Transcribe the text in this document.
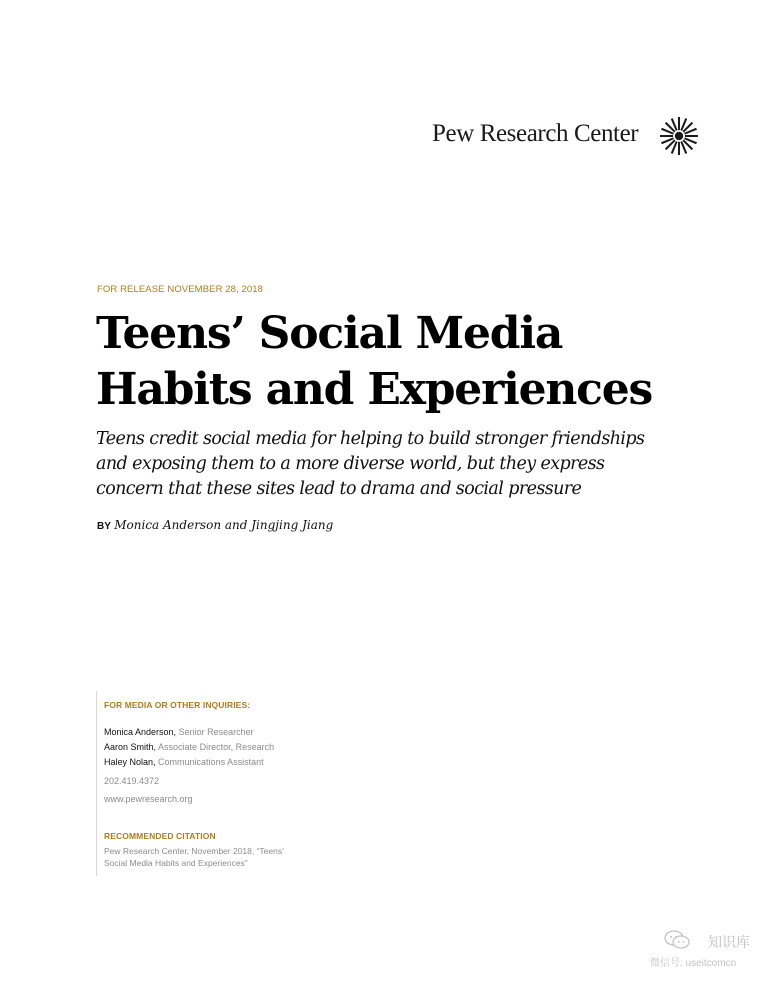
Pew Research Center
FOR RELEASE NOVEMBER 28, 2018
Teens’ Social Media
Habits and Experiences

Teens credit social media for helping to build stronger friendships
and exposing them to a more diverse world, but they express
concern that these sites lead to drama and social pressure

BY Monica Anderson and Jingjing Jiang
FOR MEDIA OR OTHER INQUIRIES:
Monica Anderson, Senior Researcher
Aaron Smith, Associate Director, Research
Haley Nolan, Communications Assistant
202.419.4372
www.pewresearch.org
RECOMMENDED CITATION
Pew Research Center, November 2018, “Teens’
Social Media Habits and Experiences”
知识库
微信号: useitcomcn
